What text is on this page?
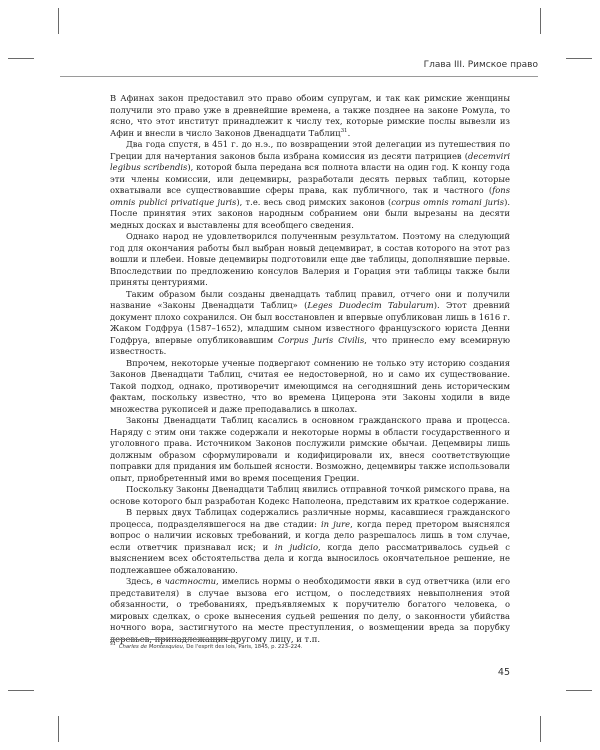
Глава III. Римское право

В Афинах закон предоставил это право обоим супругам, и так как римские женщины получили это право уже в древнейшие времена, а также позднее на законе Ромула, то ясно, что этот институт принадлежит к числу тех, которые римские послы вывезли из Афин и внесли в число Законов Двенадцати Таблиц$^{31}$.

Два года спустя, в 451 г. до н.э., по возвращении этой делегации из путешествия по Греции для начертания законов была избрана комиссия из десяти патрициев (decemviri legibus scribendis), которой была передана вся полнота власти на один год. К концу года эти члены комиссии, или децемвиры, разработали десять первых таблиц, которые охватывали все существовавшие сферы права, как публичного, так и частного (fons omnis publici privatique juris), т.е. весь свод римских законов (corpus omnis romani juris). После принятия этих законов народным собранием они были вырезаны на десяти медных досках и выставлены для всеобщего сведения.

Однако народ не удовлетворился полученным результатом. Поэтому на следующий год для окончания работы был выбран новый децемвират, в состав которого на этот раз вошли и плебеи. Новые децемвиры подготовили еще две таблицы, дополнявшие первые. Впоследствии по предложению консулов Валерия и Горация эти таблицы также были приняты центуриями.

Таким образом были созданы двенадцать таблиц правил, отчего они и получили название «Законы Двенадцати Таблиц» (Leges Duodecim Tabularum). Этот древний документ плохо сохранился. Он был восстановлен и впервые опубликован лишь в 1616 г. Жаком Годфруа (1587–1652), младшим сыном известного французского юриста Денни Годфруа, впервые опубликовавшим Corpus Juris Civilis, что принесло ему всемирную известность.

Впрочем, некоторые ученые подвергают сомнению не только эту историю создания Законов Двенадцати Таблиц, считая ее недостоверной, но и само их существование. Такой подход, однако, противоречит имеющимся на сегодняшний день историческим фактам, поскольку известно, что во времена Цицерона эти Законы ходили в виде множества рукописей и даже преподавались в школах.

Законы Двенадцати Таблиц касались в основном гражданского права и процесса. Наряду с этим они также содержали и некоторые нормы в области государственного и уголовного права. Источником Законов послужили римские обычаи. Децемвиры лишь должным образом сформулировали и кодифицировали их, внеся соответствующие поправки для придания им большей ясности. Возможно, децемвиры также использовали опыт, приобретенный ими во время посещения Греции.

Поскольку Законы Двенадцати Таблиц явились отправной точкой римского права, на основе которого был разработан Кодекс Наполеона, представим их краткое содержание.

В первых двух Таблицах содержались различные нормы, касавшиеся гражданского процесса, подразделявшегося на две стадии: in jure, когда перед претором выяснялся вопрос о наличии исковых требований, и когда дело разрешалось лишь в том случае, если ответчик признавал иск; и in judicio, когда дело рассматривалось судьей с выяснением всех обстоятельства дела и когда выносилось окончательное решение, не подлежавшее обжалованию.

Здесь, в частности, имелись нормы о необходимости явки в суд ответчика (или его представителя) в случае вызова его истцом, о последствиях невыполнения этой обязанности, о требованиях, предъявляемых к поручителю богатого человека, о мировых сделках, о сроке вынесения судьей решения по делу, о законности убийства ночного вора, застигнутого на месте преступления, о возмещении вреда за порубку деревьев, принадлежащих другому лицу, и т.п.

$^{31}$ Charles de Montesquieu, De l'esprit des lois, Paris, 1845, p. 223–224.
45
